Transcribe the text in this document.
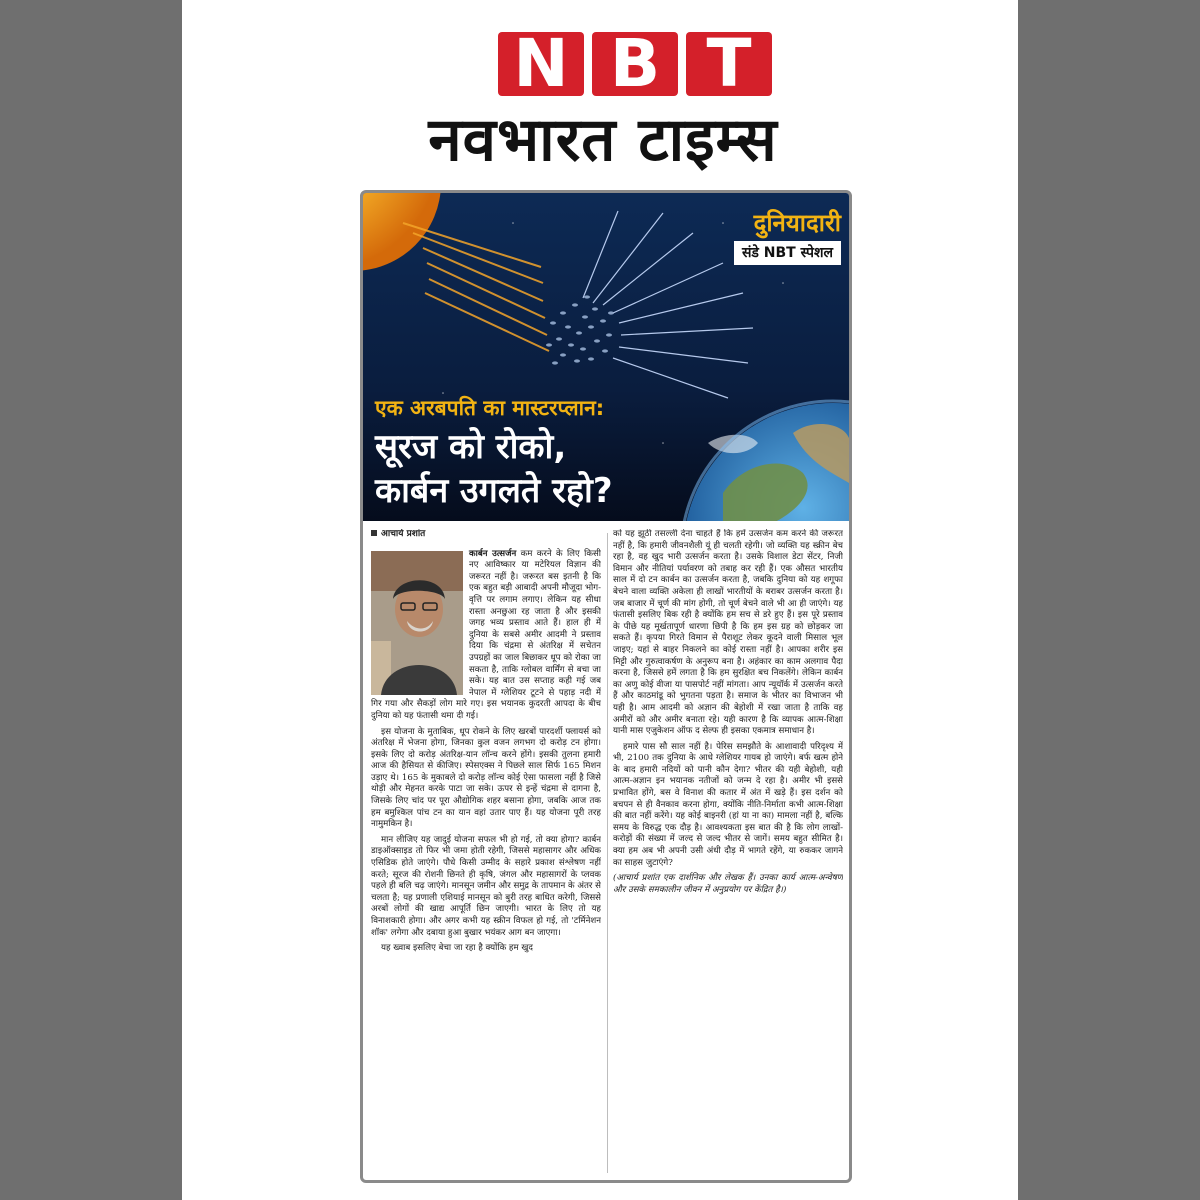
N B T
नवभारत टाइम्स
दुनियादारी
संडे NBT स्पेशल
एक अरबपति का मास्टरप्लान:
सूरज को रोको,
कार्बन उगलते रहो?
आचार्य प्रशांत

कार्बन उत्सर्जन
कम करने के लिए किसी नए आविष्कार या मटेरियल विज्ञान की जरूरत नहीं है। जरूरत बस इतनी है कि एक बहुत बड़ी आबादी अपनी मौजूदा भोग-वृत्ति पर लगाम लगाए। लेकिन यह सीधा रास्ता अनछुआ रह जाता है और इसकी जगह भव्य प्रस्ताव आते हैं। हाल ही में दुनिया के सबसे अमीर आदमी ने प्रस्ताव दिया कि चंद्रमा से अंतरिक्ष में सचेतन उपग्रहों का जाल बिछाकर धूप को रोका जा सकता है, ताकि ग्लोबल वार्मिंग से बचा जा सके। यह बात उस सप्ताह कही गई जब नेपाल में ग्लेशियर टूटने से पहाड़ नदी में गिर गया और सैकड़ों लोग मारे गए। इस भयानक कुदरती आपदा के बीच दुनिया को यह फंतासी थमा दी गई।

इस योजना के मुताबिक, धूप रोकने के लिए खरबों पारदर्शी फ्लायर्स को अंतरिक्ष में भेजना होगा, जिनका कुल वजन लगभग दो करोड़ टन होगा। इसके लिए दो करोड़ अंतरिक्ष-यान लॉन्च करने होंगे। इसकी तुलना हमारी आज की हैसियत से कीजिए। स्पेसएक्स ने पिछले साल सिर्फ 165 मिशन उड़ाए थे। 165 के मुकाबले दो करोड़ लॉन्च कोई ऐसा फासला नहीं है जिसे थोड़ी और मेहनत करके पाटा जा सके। ऊपर से इन्हें चंद्रमा से दागना है, जिसके लिए चांद पर पूरा औद्योगिक शहर बसाना होगा, जबकि आज तक हम बमुश्किल पांच टन का यान वहां उतार पाए हैं। यह योजना पूरी तरह नामुमकिन है।

मान लीजिए यह जादुई योजना सफल भी हो गई, तो क्या होगा? कार्बन डाइऑक्साइड तो फिर भी जमा होती रहेगी, जिससे महासागर और अधिक एसिडिक होते जाएंगे। पौधे किसी उम्मीद के सहारे प्रकाश संश्लेषण नहीं करते; सूरज की रोशनी छिनते ही कृषि, जंगल और महासागरों के प्लवक पहले ही बलि चढ़ जाएंगे। मानसून जमीन और समुद्र के तापमान के अंतर से चलता है; यह प्रणाली एशियाई मानसून को बुरी तरह बाधित करेगी, जिससे अरबों लोगों की खाद्य आपूर्ति छिन जाएगी। भारत के लिए तो यह विनाशकारी होगा। और अगर कभी यह स्क्रीन विफल हो गई, तो 'टर्मिनेशन शॉक' लगेगा और दबाया हुआ बुखार भयंकर आग बन जाएगा।

यह ख्वाब इसलिए बेचा जा रहा है क्योंकि हम खुद

को यह झूठी तसल्ली देना चाहते हैं कि हमें उत्सर्जन कम करने की जरूरत नहीं है, कि हमारी जीवनशैली यूं ही चलती रहेगी। जो व्यक्ति यह स्क्रीन बेच रहा है, वह खुद भारी उत्सर्जन करता है। उसके विशाल डेटा सेंटर, निजी विमान और नीतियां पर्यावरण को तबाह कर रही हैं। एक औसत भारतीय साल में दो टन कार्बन का उत्सर्जन करता है, जबकि दुनिया को यह शगूफा बेचने वाला व्यक्ति अकेला ही लाखों भारतीयों के बराबर उत्सर्जन करता है। जब बाजार में चूर्ण की मांग होगी, तो चूर्ण बेचने वाले भी आ ही जाएंगे। यह फंतासी इसलिए बिक रही है क्योंकि हम सच से डरे हुए हैं। इस पूरे प्रस्ताव के पीछे यह मूर्खतापूर्ण धारणा छिपी है कि हम इस ग्रह को छोड़कर जा सकते हैं। कृपया गिरते विमान से पैराशूट लेकर कूदने वाली मिसाल भूल जाइए; यहां से बाहर निकलने का कोई रास्ता नहीं है। आपका शरीर इस मिट्टी और गुरुत्वाकर्षण के अनुरूप बना है। अहंकार का काम अलगाव पैदा करना है, जिससे हमें लगता है कि हम सुरक्षित बच निकलेंगे। लेकिन कार्बन का अणु कोई वीजा या पासपोर्ट नहीं मांगता। आप न्यूयॉर्क में उत्सर्जन करते हैं और काठमांडू को भुगतना पड़ता है। समाज के भीतर का विभाजन भी यही है। आम आदमी को अज्ञान की बेहोशी में रखा जाता है ताकि वह अमीरों को और अमीर बनाता रहे। यही कारण है कि व्यापक आत्म-शिक्षा यानी मास एजुकेशन ऑफ द सेल्फ ही इसका एकमात्र समाधान है।

हमारे पास सौ साल नहीं है। पेरिस समझौते के आशावादी परिदृश्य में भी, 2100 तक दुनिया के आधे ग्लेशियर गायब हो जाएंगे। बर्फ खत्म होने के बाद हमारी नदियों को पानी कौन देगा? भीतर की यही बेहोशी, यही आत्म-अज्ञान इन भयानक नतीजों को जन्म दे रहा है। अमीर भी इससे प्रभावित होंगे, बस वे विनाश की कतार में अंत में खड़े हैं। इस दर्शन को बचपन से ही वैनकाव करना होगा, क्योंकि नीति-निर्माता कभी आत्म-शिक्षा की बात नहीं करेंगे। यह कोई बाइनरी (हां या ना का) मामला नहीं है, बल्कि समय के विरुद्ध एक दौड़ है। आवश्यकता इस बात की है कि लोग लाखों-करोड़ों की संख्या में जल्द से जल्द भीतर से जागें। समय बहुत सीमित है। क्या हम अब भी अपनी उसी अंधी दौड़ में भागते रहेंगे, या रुककर जागने का साहस जुटाएंगे?

(आचार्य प्रशांत एक दार्शनिक और लेखक हैं। उनका कार्य आत्म-अन्वेषण और उसके समकालीन जीवन में अनुप्रयोग पर केंद्रित है।)
